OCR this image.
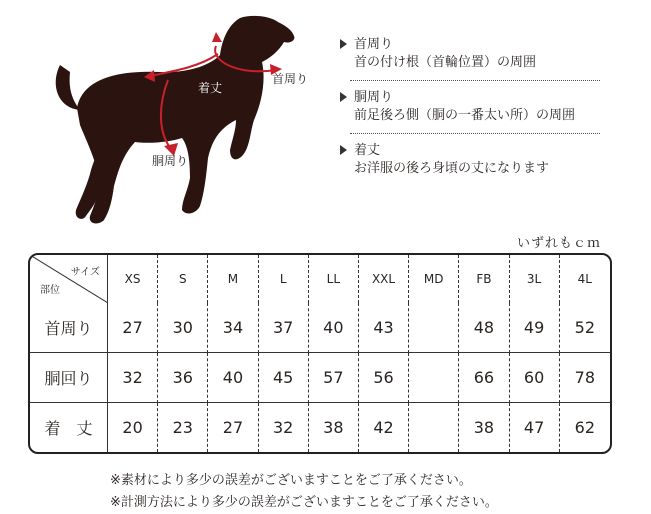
着丈
首周り
胴周り
首周り
首の付け根（首輪位置）の周囲
胴周り
前足後ろ側（胴の一番太い所）の周囲
着丈
お洋服の後ろ身頃の丈になります
いずれもｃｍ
サイズ
部位	XS	S	M	L	LL	XXL	MD	FB	3L	4L
首周り	27	30	34	37	40	43		48	49	52
胴回り	32	36	40	45	57	56		66	60	78
着　丈	20	23	27	32	38	42		38	47	62
※素材により多少の誤差がございますことをご了承ください。
※計測方法により多少の誤差がございますことをご了承ください。
